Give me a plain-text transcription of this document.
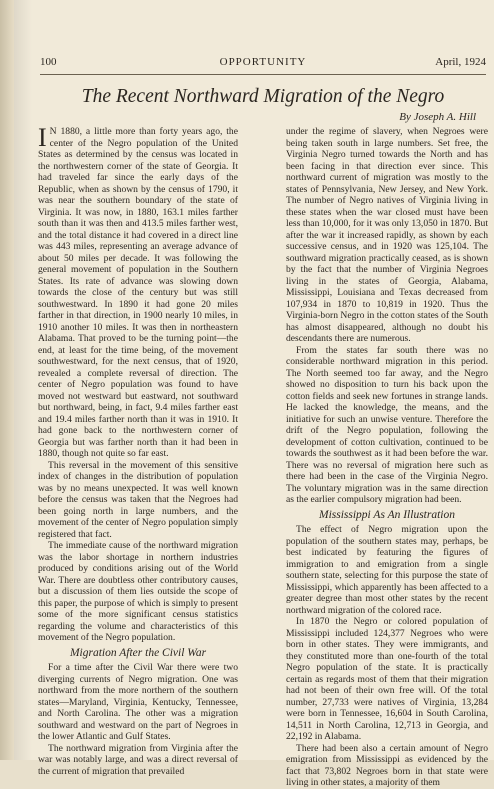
100	OPPORTUNITY	April, 1924
The Recent Northward Migration of the Negro
By Joseph A. Hill

I N 1880, a little more than forty years ago, the center of the Negro population of the United States as determined by the census was located in the northwestern corner of the state of Georgia. It had traveled far since the early days of the Republic, when as shown by the census of 1790, it was near the southern boundary of the state of Virginia. It was now, in 1880, 163.1 miles farther south than it was then and 413.5 miles farther west, and the total distance it had covered in a direct line was 443 miles, representing an average advance of about 50 miles per decade. It was following the general movement of population in the Southern States. Its rate of advance was slowing down towards the close of the century but was still southwestward. In 1890 it had gone 20 miles farther in that direction, in 1900 nearly 10 miles, in 1910 another 10 miles. It was then in northeastern Alabama. That proved to be the turning point—the end, at least for the time being, of the movement southwestward, for the next census, that of 1920, revealed a complete reversal of direction. The center of Negro population was found to have moved not westward but eastward, not southward but northward, being, in fact, 9.4 miles farther east and 19.4 miles farther north than it was in 1910. It had gone back to the northwestern corner of Georgia but was farther north than it had been in 1880, though not quite so far east.

This reversal in the movement of this sensitive index of changes in the distribution of population was by no means unexpected. It was well known before the census was taken that the Negroes had been going north in large numbers, and the movement of the center of Negro population simply registered that fact.

The immediate cause of the northward migration was the labor shortage in northern industries produced by conditions arising out of the World War. There are doubtless other contributory causes, but a discussion of them lies outside the scope of this paper, the purpose of which is simply to present some of the more significant census statistics regarding the volume and characteristics of this movement of the Negro population.

Migration After the Civil War

For a time after the Civil War there were two diverging currents of Negro migration. One was northward from the more northern of the southern states—Maryland, Virginia, Kentucky, Tennessee, and North Carolina. The other was a migration southward and westward on the part of Negroes in the lower Atlantic and Gulf States.

The northward migration from Virginia after the war was notably large, and was a direct reversal of the current of migration that prevailed

under the regime of slavery, when Negroes were being taken south in large numbers. Set free, the Virginia Negro turned towards the North and has been facing in that direction ever since. This northward current of migration was mostly to the states of Pennsylvania, New Jersey, and New York. The number of Negro natives of Virginia living in these states when the war closed must have been less than 10,000, for it was only 13,050 in 1870. But after the war it increased rapidly, as shown by each successive census, and in 1920 was 125,104. The southward migration practically ceased, as is shown by the fact that the number of Virginia Negroes living in the states of Georgia, Alabama, Mississippi, Louisiana and Texas decreased from 107,934 in 1870 to 10,819 in 1920. Thus the Virginia-born Negro in the cotton states of the South has almost disappeared, although no doubt his descendants there are numerous.

From the states far south there was no considerable northward migration in this period. The North seemed too far away, and the Negro showed no disposition to turn his back upon the cotton fields and seek new fortunes in strange lands. He lacked the knowledge, the means, and the initiative for such an unwise venture. Therefore the drift of the Negro population, following the development of cotton cultivation, continued to be towards the southwest as it had been before the war. There was no reversal of migration here such as there had been in the case of the Virginia Negro. The voluntary migration was in the same direction as the earlier compulsory migration had been.

Mississippi As An Illustration

The effect of Negro migration upon the population of the southern states may, perhaps, be best indicated by featuring the figures of immigration to and emigration from a single southern state, selecting for this purpose the state of Mississippi, which apparently has been affected to a greater degree than most other states by the recent northward migration of the colored race.

In 1870 the Negro or colored population of Mississippi included 124,377 Negroes who were born in other states. They were immigrants, and they constituted more than one-fourth of the total Negro population of the state. It is practically certain as regards most of them that their migration had not been of their own free will. Of the total number, 27,733 were natives of Virginia, 13,284 were born in Tennessee, 16,604 in South Carolina, 14,511 in North Carolina, 12,713 in Georgia, and 22,192 in Alabama.

There had been also a certain amount of Negro emigration from Mississippi as evidenced by the fact that 73,802 Negroes born in that state were living in other states, a majority of them
